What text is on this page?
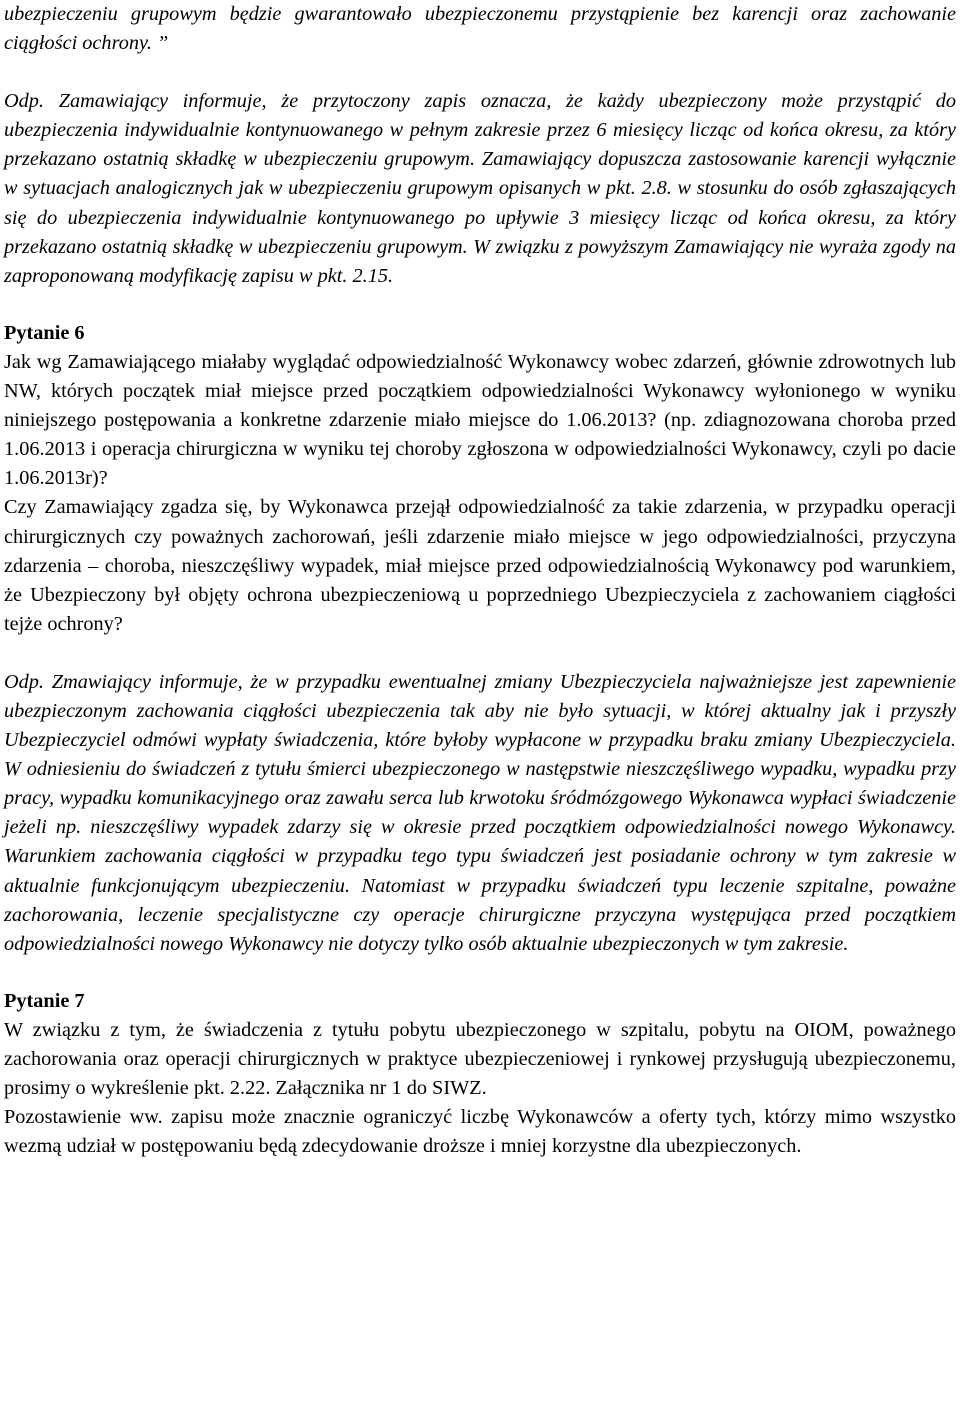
ubezpieczeniu grupowym będzie gwarantowało ubezpieczonemu przystąpienie bez karencji oraz zachowanie ciągłości ochrony. ”

Odp. Zamawiający informuje, że przytoczony zapis oznacza, że każdy ubezpieczony może przystąpić do ubezpieczenia indywidualnie kontynuowanego w pełnym zakresie przez 6 miesięcy licząc od końca okresu, za który przekazano ostatnią składkę w ubezpieczeniu grupowym. Zamawiający dopuszcza zastosowanie karencji wyłącznie w sytuacjach analogicznych jak w ubezpieczeniu grupowym opisanych w pkt. 2.8. w stosunku do osób zgłaszających się do ubezpieczenia indywidualnie kontynuowanego po upływie 3 miesięcy licząc od końca okresu, za który przekazano ostatnią składkę w ubezpieczeniu grupowym. W związku z powyższym Zamawiający nie wyraża zgody na zaproponowaną modyfikację zapisu w pkt. 2.15.

Pytanie 6

Jak wg Zamawiającego miałaby wyglądać odpowiedzialność Wykonawcy wobec zdarzeń, głównie zdrowotnych lub NW, których początek miał miejsce przed początkiem odpowiedzialności Wykonawcy wyłonionego w wyniku niniejszego postępowania a konkretne zdarzenie miało miejsce do 1.06.2013? (np. zdiagnozowana choroba przed 1.06.2013 i operacja chirurgiczna w wyniku tej choroby zgłoszona w odpowiedzialności Wykonawcy, czyli po dacie 1.06.2013r)?

Czy Zamawiający zgadza się, by Wykonawca przejął odpowiedzialność za takie zdarzenia, w przypadku operacji chirurgicznych czy poważnych zachorowań, jeśli zdarzenie miało miejsce w jego odpowiedzialności, przyczyna zdarzenia – choroba, nieszczęśliwy wypadek, miał miejsce przed odpowiedzialnością Wykonawcy pod warunkiem, że Ubezpieczony był objęty ochrona ubezpieczeniową u poprzedniego Ubezpieczyciela z zachowaniem ciągłości tejże ochrony?

Odp. Zmawiający informuje, że w przypadku ewentualnej zmiany Ubezpieczyciela najważniejsze jest zapewnienie ubezpieczonym zachowania ciągłości ubezpieczenia tak aby nie było sytuacji, w której aktualny jak i przyszły Ubezpieczyciel odmówi wypłaty świadczenia, które byłoby wypłacone w przypadku braku zmiany Ubezpieczyciela. W odniesieniu do świadczeń z tytułu śmierci ubezpieczonego w następstwie nieszczęśliwego wypadku, wypadku przy pracy, wypadku komunikacyjnego oraz zawału serca lub krwotoku śródmózgowego Wykonawca wypłaci świadczenie jeżeli np. nieszczęśliwy wypadek zdarzy się w okresie przed początkiem odpowiedzialności nowego Wykonawcy. Warunkiem zachowania ciągłości w przypadku tego typu świadczeń jest posiadanie ochrony w tym zakresie w aktualnie funkcjonującym ubezpieczeniu. Natomiast w przypadku świadczeń typu leczenie szpitalne, poważne zachorowania, leczenie specjalistyczne czy operacje chirurgiczne przyczyna występująca przed początkiem odpowiedzialności nowego Wykonawcy nie dotyczy tylko osób aktualnie ubezpieczonych w tym zakresie.

Pytanie 7

W związku z tym, że świadczenia z tytułu pobytu ubezpieczonego w szpitalu, pobytu na OIOM, poważnego zachorowania oraz operacji chirurgicznych w praktyce ubezpieczeniowej i rynkowej przysługują ubezpieczonemu, prosimy o wykreślenie pkt. 2.22. Załącznika nr 1 do SIWZ.

Pozostawienie ww. zapisu może znacznie ograniczyć liczbę Wykonawców a oferty tych, którzy mimo wszystko wezmą udział w postępowaniu będą zdecydowanie droższe i mniej korzystne dla ubezpieczonych.
